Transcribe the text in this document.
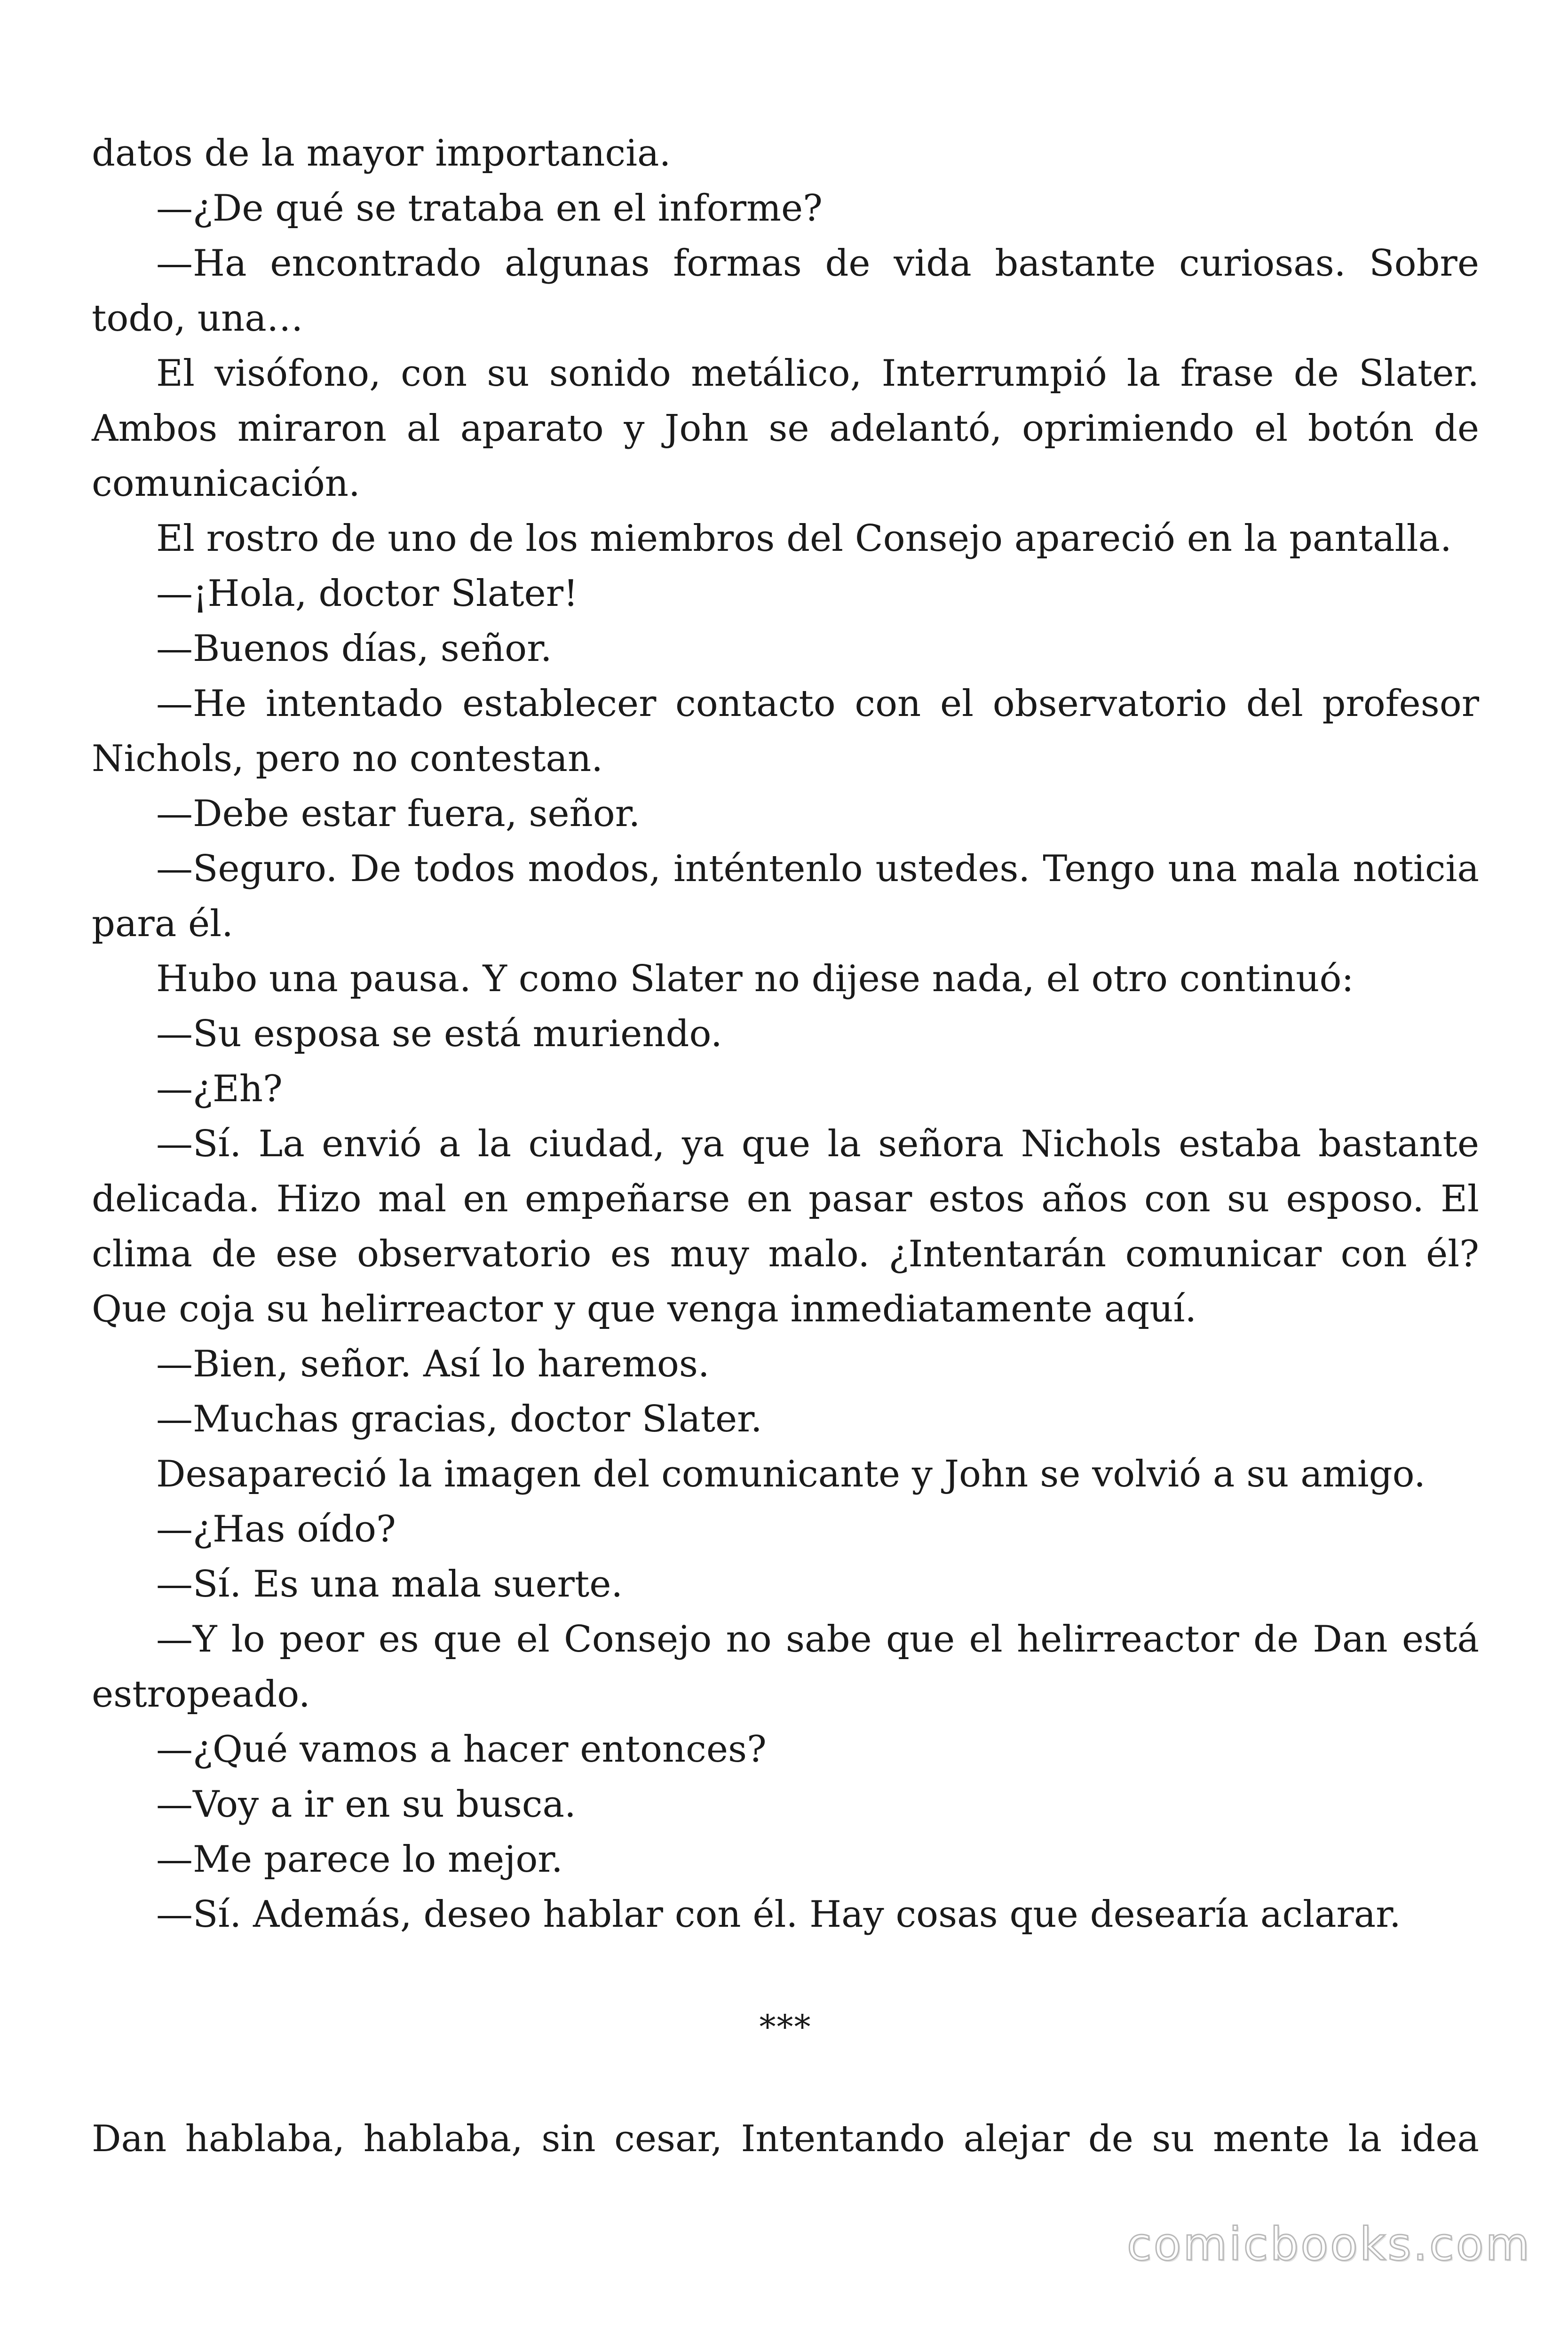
datos de la mayor importancia.

—¿De qué se trataba en el informe?

—Ha encontrado algunas formas de vida bastante curiosas. Sobre todo, una…

El visófono, con su sonido metálico, Interrumpió la frase de Slater. Ambos miraron al aparato y John se adelantó, oprimiendo el botón de comunicación.

El rostro de uno de los miembros del Consejo apareció en la pantalla.

—¡Hola, doctor Slater!

—Buenos días, señor.

—He intentado establecer contacto con el observatorio del profesor Nichols, pero no contestan.

—Debe estar fuera, señor.

—Seguro. De todos modos, inténtenlo ustedes. Tengo una mala noticia para él.

Hubo una pausa. Y como Slater no dijese nada, el otro continuó:

—Su esposa se está muriendo.

—¿Eh?

—Sí. La envió a la ciudad, ya que la señora Nichols estaba bastante delicada. Hizo mal en empeñarse en pasar estos años con su esposo. El clima de ese observatorio es muy malo. ¿Intentarán comunicar con él? Que coja su helirreactor y que venga inmediatamente aquí.

—Bien, señor. Así lo haremos.

—Muchas gracias, doctor Slater.

Desapareció la imagen del comunicante y John se volvió a su amigo.

—¿Has oído?

—Sí. Es una mala suerte.

—Y lo peor es que el Consejo no sabe que el helirreactor de Dan está estropeado.

—¿Qué vamos a hacer entonces?

—Voy a ir en su busca.

—Me parece lo mejor.

—Sí. Además, deseo hablar con él. Hay cosas que desearía aclarar.

***

Dan hablaba, hablaba, sin cesar, Intentando alejar de su mente la idea

comicbooks.com
